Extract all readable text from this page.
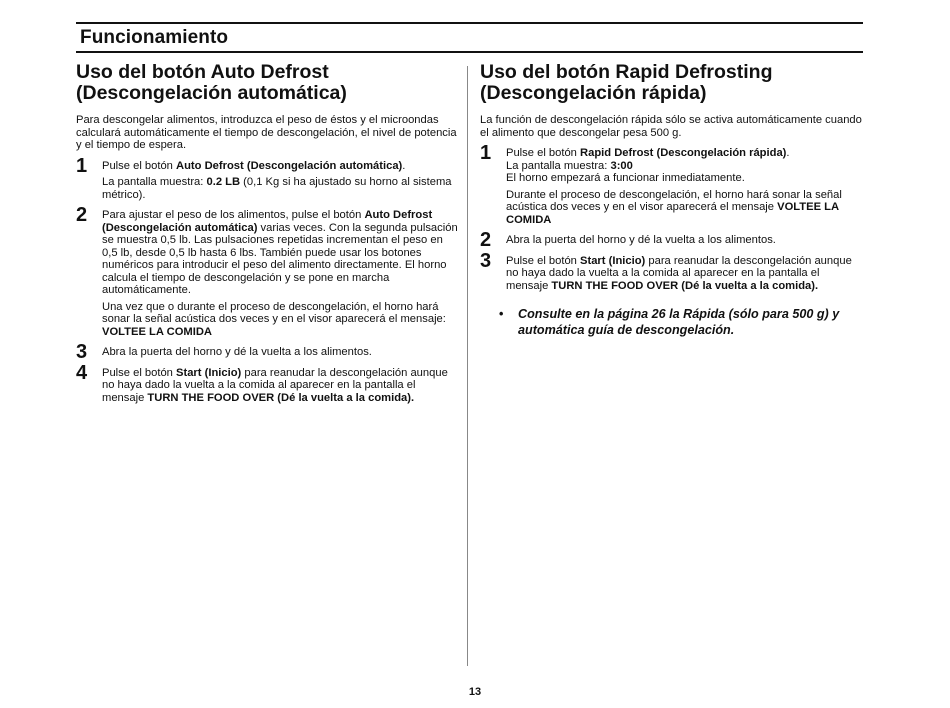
Funcionamiento
Uso del botón Auto Defrost
(Descongelación automática)

Para descongelar alimentos, introduzca el peso de éstos y el microondas calculará automáticamente el tiempo de descongelación, el nivel de potencia y el tiempo de espera.

1 Pulse el botón Auto Defrost (Descongelación automática).

La pantalla muestra: 0.2 LB (0,1 Kg si ha ajustado su horno al sistema métrico).

2 Para ajustar el peso de los alimentos, pulse el botón Auto Defrost (Descongelación automática) varias veces. Con la segunda pulsación se muestra 0,5 lb. Las pulsaciones repetidas incrementan el peso en 0,5 lb, desde 0,5 lb hasta 6 lbs. También puede usar los botones numéricos para introducir el peso del alimento directamente. El horno calcula el tiempo de descongelación y se pone en marcha automáticamente.

Una vez que o durante el proceso de descongelación, el horno hará sonar la señal acústica dos veces y en el visor aparecerá el mensaje: VOLTEE LA COMIDA

3 Abra la puerta del horno y dé la vuelta a los alimentos.

4 Pulse el botón Start (Inicio) para reanudar la descongelación aunque no haya dado la vuelta a la comida al aparecer en la pantalla el mensaje TURN THE FOOD OVER (Dé la vuelta a la comida).

Uso del botón Rapid Defrosting
(Descongelación rápida)

La función de descongelación rápida sólo se activa automáticamente cuando el alimento que descongelar pesa 500 g.

1 Pulse el botón Rapid Defrost (Descongelación rápida).
La pantalla muestra: 3:00
El horno empezará a funcionar inmediatamente.

Durante el proceso de descongelación, el horno hará sonar la señal acústica dos veces y en el visor aparecerá el mensaje VOLTEE LA COMIDA

2 Abra la puerta del horno y dé la vuelta a los alimentos.

3 Pulse el botón Start (Inicio) para reanudar la descongelación aunque no haya dado la vuelta a la comida al aparecer en la pantalla el mensaje TURN THE FOOD OVER (Dé la vuelta a la comida).

• Consulte en la página 26 la Rápida (sólo para 500 g) y automática guía de descongelación.
13
